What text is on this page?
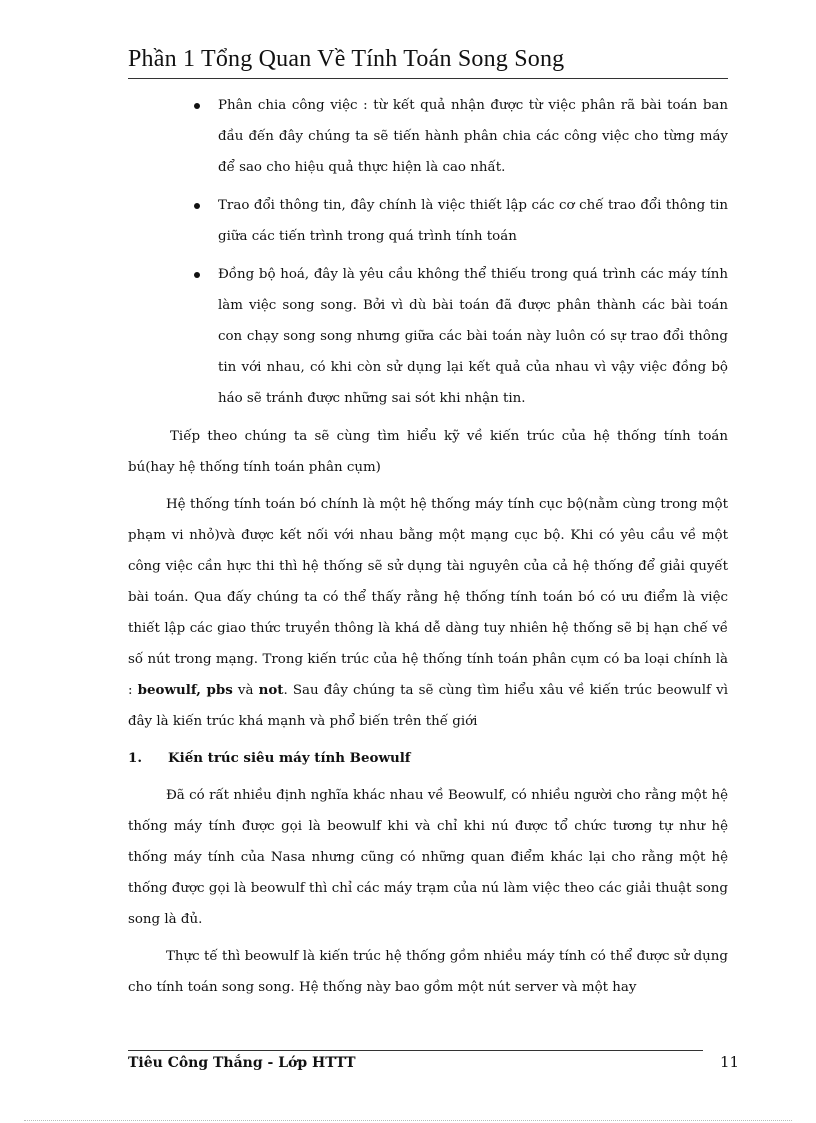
Phần 1 Tổng Quan Về Tính Toán Song Song
Phân chia công việc : từ kết quả nhận được từ việc phân rã bài toán ban đầu đến đây chúng ta sẽ tiến hành phân chia các công việc cho từng máy để sao cho hiệu quả thực hiện là cao nhất.
Trao đổi thông tin, đây chính là việc thiết lập các cơ chế trao đổi thông tin giữa các tiến trình trong quá trình tính toán
Đồng bộ hoá, đây là yêu cầu không thể thiếu trong quá trình các máy tính làm việc song song. Bởi vì dù bài toán đã được phân thành các bài toán con chạy song song nhưng giữa các bài toán này luôn có sự trao đổi thông tin với nhau, có khi còn sử dụng lại kết quả của nhau vì vậy việc đồng bộ háo sẽ tránh được những sai sót khi nhận tin.

Tiếp theo chúng ta sẽ cùng tìm hiểu kỹ về kiến trúc của hệ thống tính toán bú(hay hệ thống tính toán phân cụm)

Hệ thống tính toán bó chính là một hệ thống máy tính cục bộ(nằm cùng trong một phạm vi nhỏ)và được kết nối với nhau bằng một mạng cục bộ. Khi có yêu cầu về một công việc cần hực thi thì hệ thống sẽ sử dụng tài nguyên của cả hệ thống để giải quyết bài toán. Qua đấy chúng ta có thể thấy rằng hệ thống tính toán bó có ưu điểm là việc thiết lập các giao thức truyền thông là khá dễ dàng tuy nhiên hệ thống sẽ bị hạn chế về số nút trong mạng. Trong kiến trúc của hệ thống tính toán phân cụm có ba loại chính là : beowulf, pbs và not. Sau đây chúng ta sẽ cùng tìm hiểu xâu về kiến trúc beowulf vì đây là kiến trúc khá mạnh và phổ biến trên thế giới

1. Kiến trúc siêu máy tính Beowulf

Đã có rất nhiều định nghĩa khác nhau về Beowulf, có nhiều người cho rằng một hệ thống máy tính được gọi là beowulf khi và chỉ khi nú được tổ chức tương tự như hệ thống máy tính của Nasa nhưng cũng có những quan điểm khác lại cho rằng một hệ thống được gọi là beowulf thì chỉ các máy trạm của nú làm việc theo các giải thuật song song là đủ.

Thực tế thì beowulf là kiến trúc hệ thống gồm nhiều máy tính có thể được sử dụng cho tính toán song song. Hệ thống này bao gồm một nút server và một hay

Tiêu Công Thắng - Lớp HTTT	11
